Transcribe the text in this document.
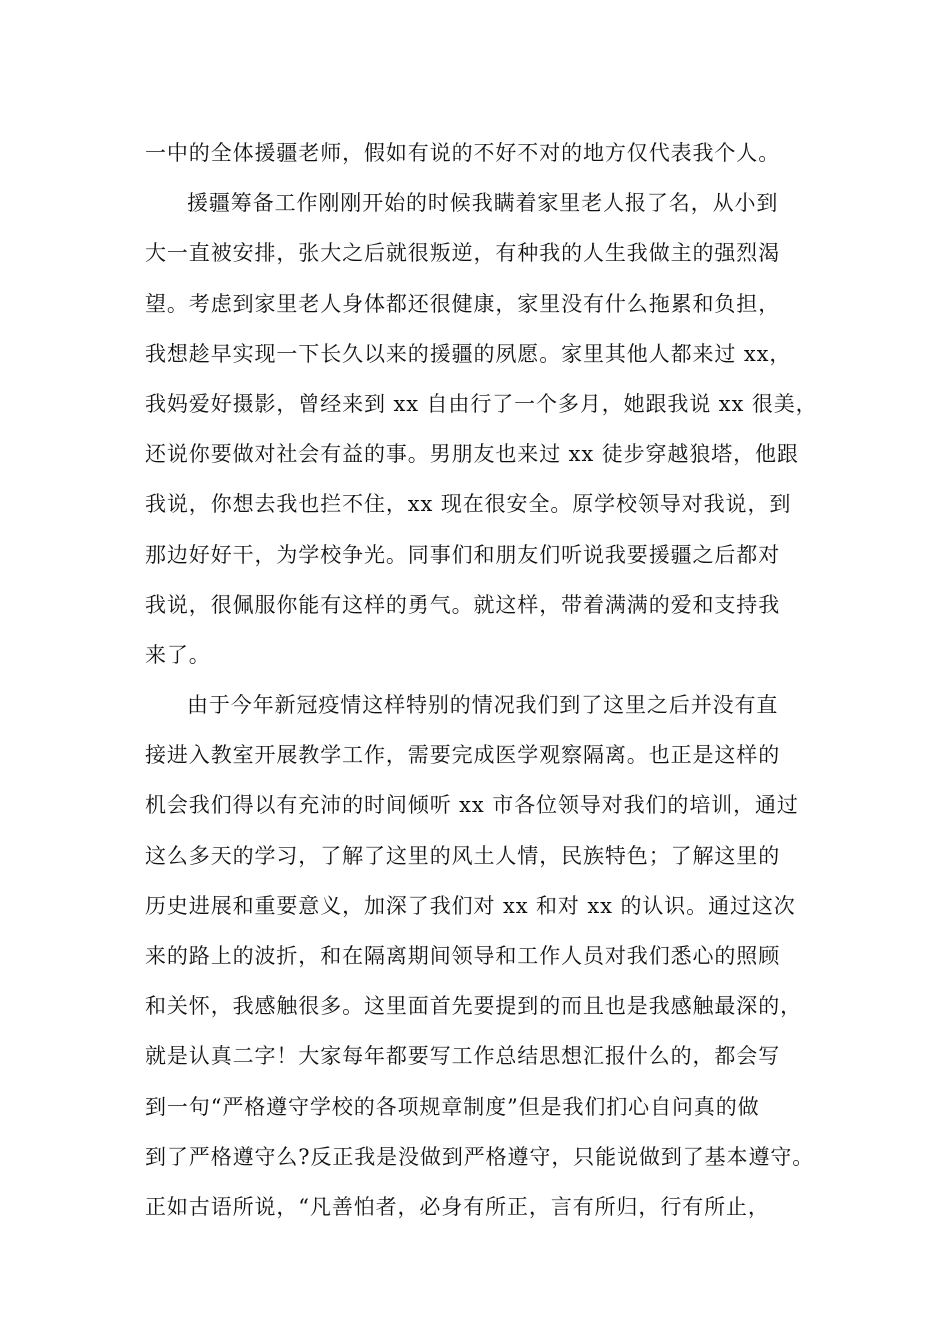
一中的全体援疆老师，假如有说的不好不对的地方仅代表我个人。
援疆筹备工作刚刚开始的时候我瞒着家里老人报了名，从小到
大一直被安排，张大之后就很叛逆，有种我的人生我做主的强烈渴
望。考虑到家里老人身体都还很健康，家里没有什么拖累和负担，
我想趁早实现一下长久以来的援疆的夙愿。家里其他人都来过 xx，
我妈爱好摄影，曾经来到 xx 自由行了一个多月，她跟我说 xx 很美，
还说你要做对社会有益的事。男朋友也来过 xx 徒步穿越狼塔，他跟
我说，你想去我也拦不住，xx 现在很安全。原学校领导对我说，到
那边好好干，为学校争光。同事们和朋友们听说我要援疆之后都对
我说，很佩服你能有这样的勇气。就这样，带着满满的爱和支持我
来了。
由于今年新冠疫情这样特别的情况我们到了这里之后并没有直
接进入教室开展教学工作，需要完成医学观察隔离。也正是这样的
机会我们得以有充沛的时间倾听 xx 市各位领导对我们的培训，通过
这么多天的学习，了解了这里的风土人情，民族特色；了解这里的
历史进展和重要意义，加深了我们对 xx 和对 xx 的认识。通过这次
来的路上的波折，和在隔离期间领导和工作人员对我们悉心的照顾
和关怀，我感触很多。这里面首先要提到的而且也是我感触最深的，
就是认真二字！大家每年都要写工作总结思想汇报什么的，都会写
到一句“严格遵守学校的各项规章制度”但是我们扪心自问真的做
到了严格遵守么?反正我是没做到严格遵守，只能说做到了基本遵守。
正如古语所说，“凡善怕者，必身有所正，言有所归，行有所止，
